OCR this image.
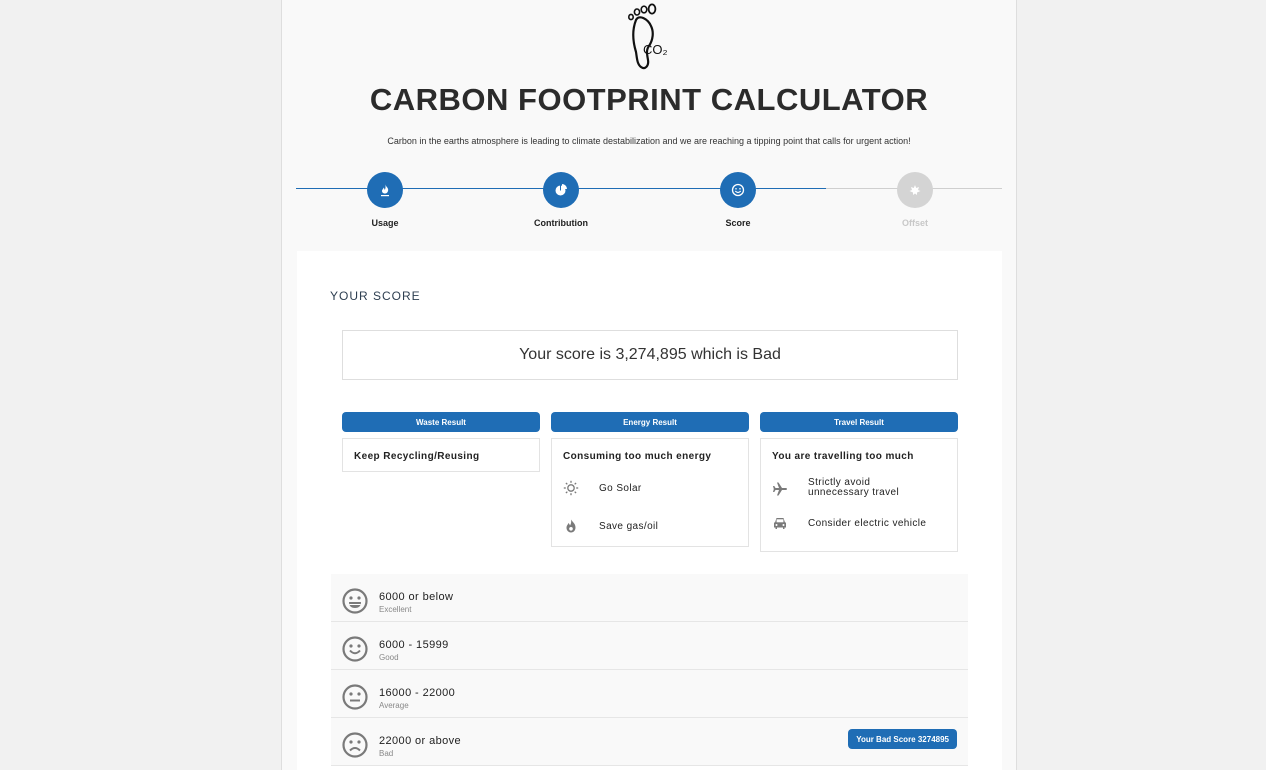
CO₂
CARBON FOOTPRINT CALCULATOR
Carbon in the earths atmosphere is leading to climate destabilization and we are reaching a tipping point that calls for urgent action!
Usage	Contribution	Score	Offset
YOUR SCORE
Your score is 3,274,895 which is Bad
Waste Result
Keep Recycling/Reusing
Energy Result
Consuming too much energy
Go Solar
Save gas/oil
Travel Result
You are travelling too much
Strictly avoid
unnecessary travel
Consider electric vehicle
6000 or below
Excellent
6000 - 15999
Good
16000 - 22000
Average
22000 or above
Bad
Your Bad Score 3274895
